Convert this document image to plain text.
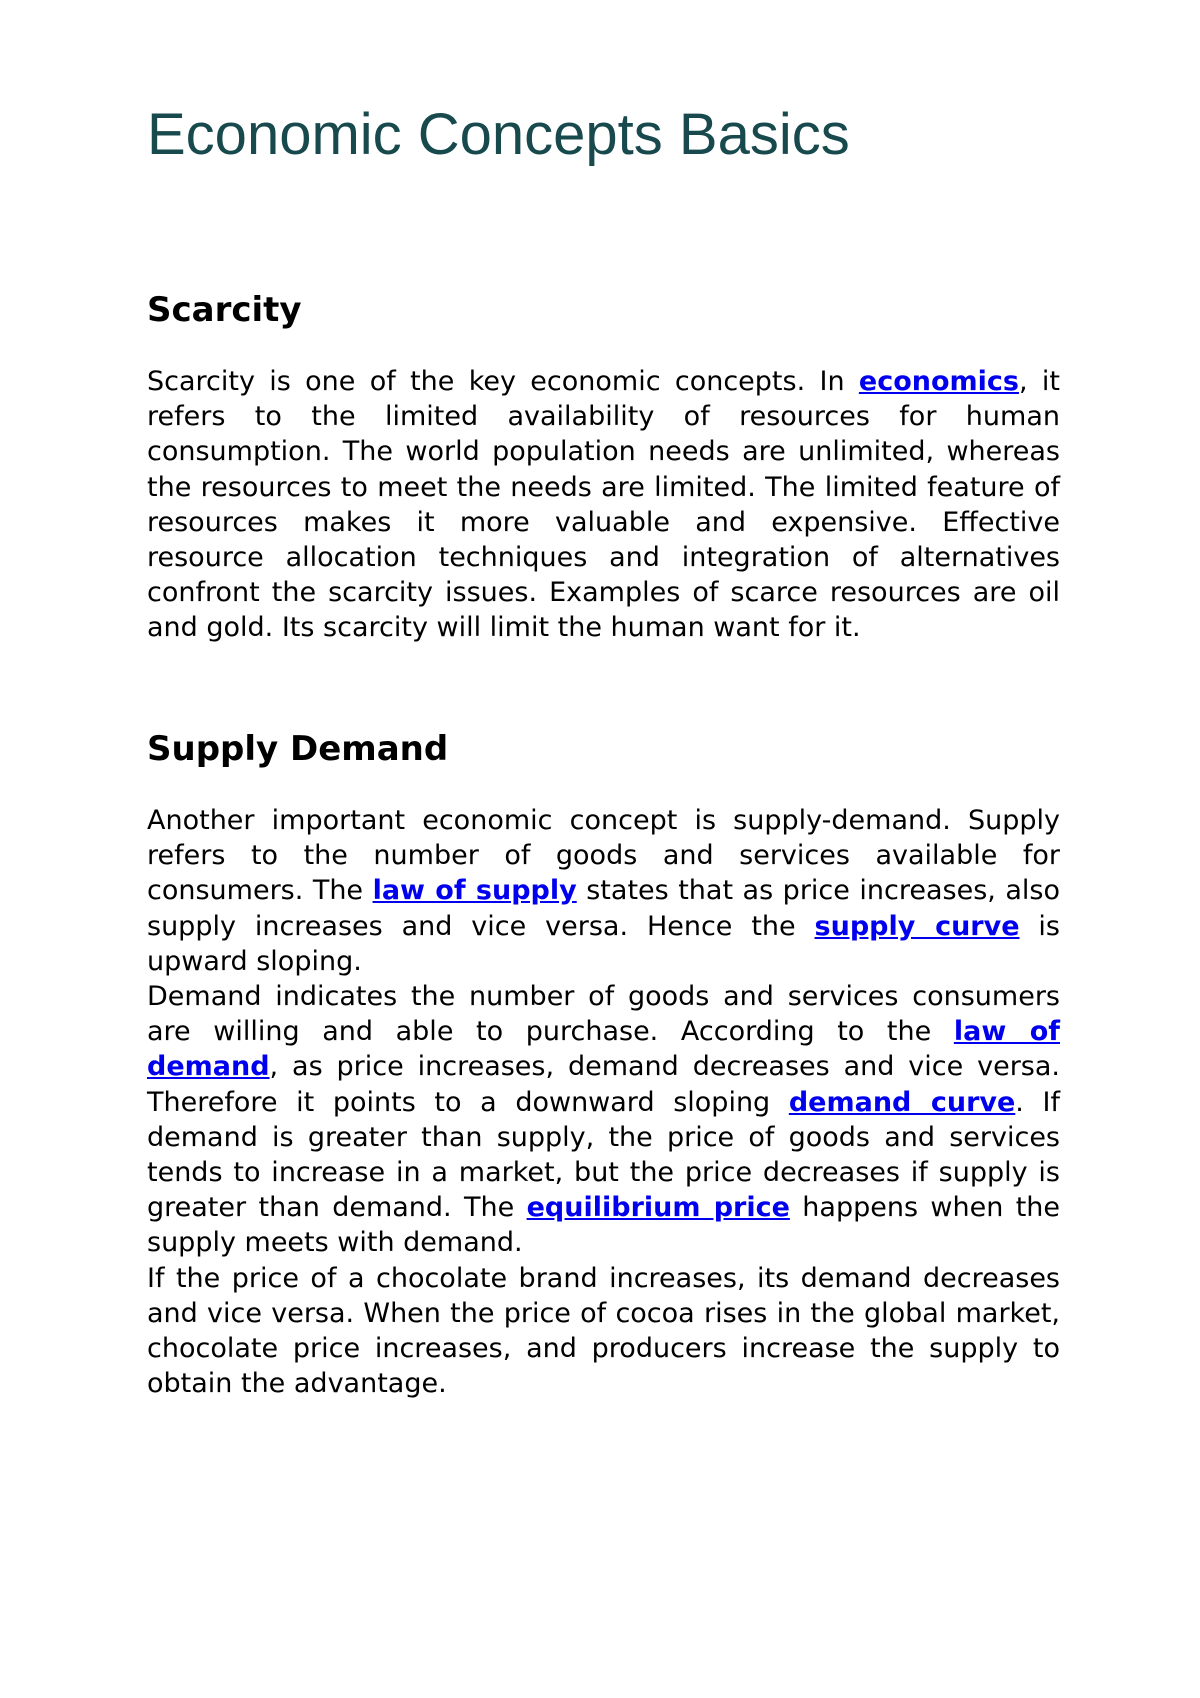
Economic Concepts Basics
Scarcity

Scarcity is one of the key economic concepts. In economics, it refers to the limited availability of resources for human consumption. The world population needs are unlimited, whereas the resources to meet the needs are limited. The limited feature of resources makes it more valuable and expensive. Effective resource allocation techniques and integration of alternatives confront the scarcity issues. Examples of scarce resources are oil and gold. Its scarcity will limit the human want for it.

Supply Demand

Another important economic concept is supply-demand. Supply refers to the number of goods and services available for consumers. The law of supply states that as price increases, also supply increases and vice versa. Hence the supply curve is upward sloping.

Demand indicates the number of goods and services consumers are willing and able to purchase. According to the law of demand, as price increases, demand decreases and vice versa. Therefore it points to a downward sloping demand curve. If demand is greater than supply, the price of goods and services tends to increase in a market, but the price decreases if supply is greater than demand. The equilibrium price happens when the supply meets with demand.

If the price of a chocolate brand increases, its demand decreases and vice versa. When the price of cocoa rises in the global market, chocolate price increases, and producers increase the supply to obtain the advantage.
